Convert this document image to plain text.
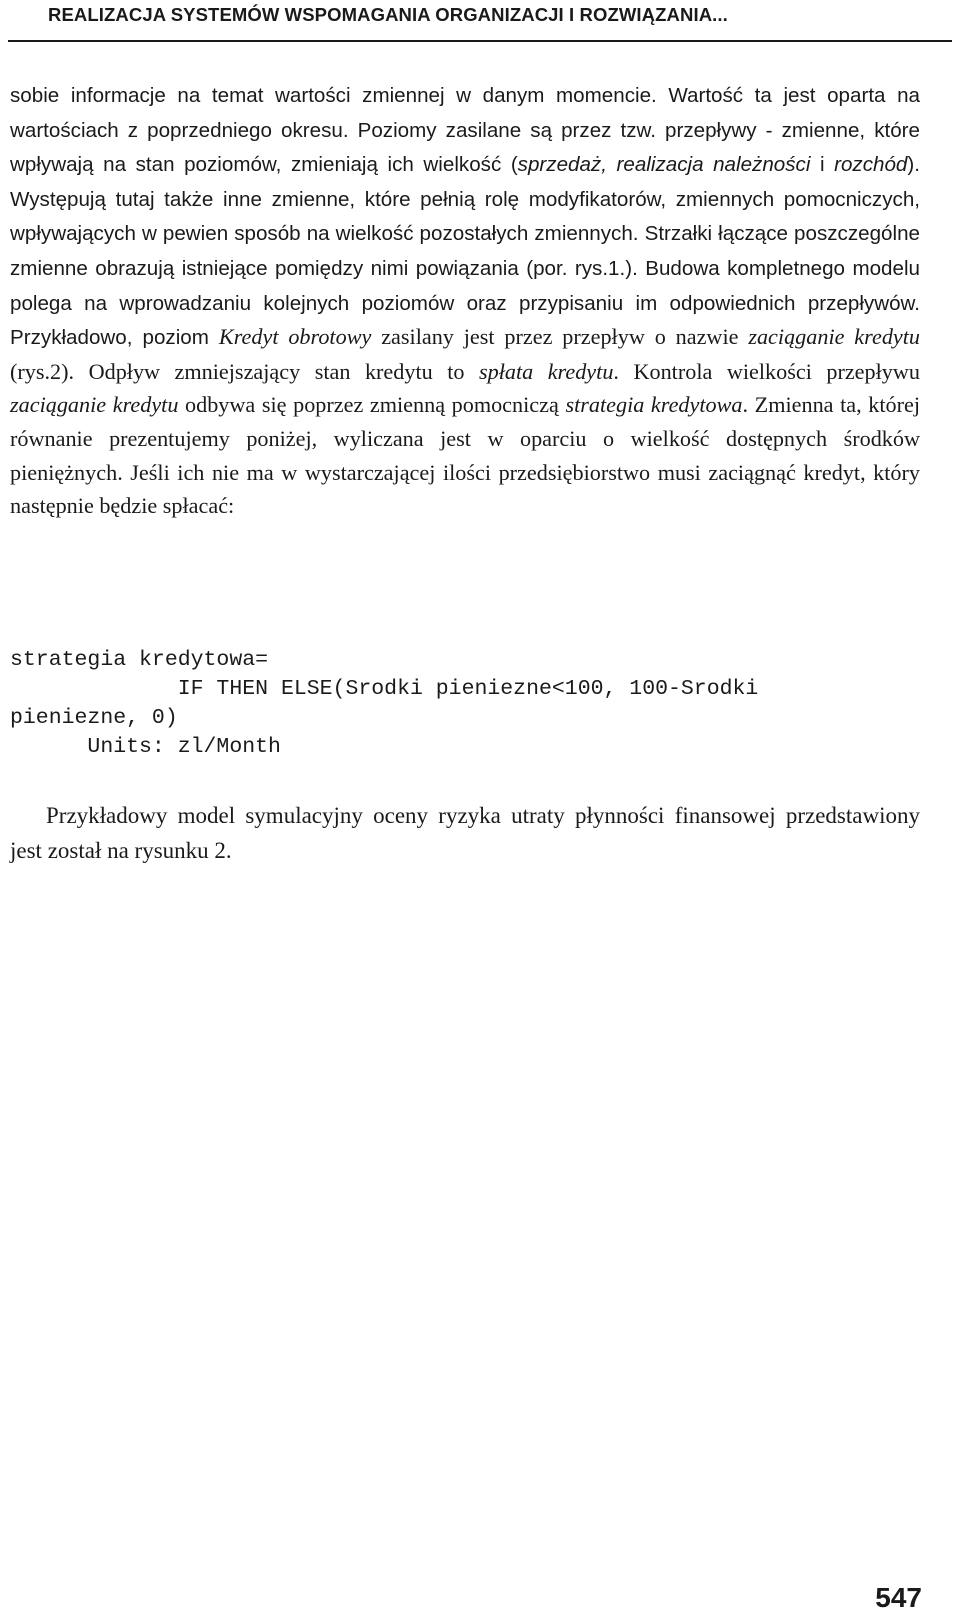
REALIZACJA SYSTEMÓW WSPOMAGANIA ORGANIZACJI I ROZWIĄZANIA...
sobie informacje na temat wartości zmiennej w danym momencie. Wartość ta jest oparta na wartościach z poprzedniego okresu. Poziomy zasilane są przez tzw. przepływy - zmienne, które wpływają na stan poziomów, zmieniają ich wielkość (sprzedaż, realizacja należności i rozchód). Występują tutaj także inne zmienne, które pełnią rolę modyfikatorów, zmiennych pomocniczych, wpływających w pewien sposób na wielkość pozostałych zmiennych. Strzałki łączące poszczególne zmienne obrazują istniejące pomiędzy nimi powiązania (por. rys.1.). Budowa kompletnego modelu polega na wprowadzaniu kolejnych poziomów oraz przypisaniu im odpowiednich przepływów. Przykładowo, poziom Kredyt obrotowy zasilany jest przez przepływ o nazwie zaciąganie kredytu (rys.2). Odpływ zmniejszający stan kredytu to spłata kredytu. Kontrola wielkości przepływu zaciąganie kredytu odbywa się poprzez zmienną pomocniczą strategia kredytowa. Zmienna ta, której równanie prezentujemy poniżej, wyliczana jest w oparciu o wielkość dostępnych środków pieniężnych. Jeśli ich nie ma w wystarczającej ilości przedsiębiorstwo musi zaciągnąć kredyt, który następnie będzie spłacać:
strategia kredytowa=
IF THEN ELSE(Srodki pieniezne<100, 100-Srodki
pieniezne, 0)
Units: zl/Month
Przykładowy model symulacyjny oceny ryzyka utraty płynności finansowej przedstawiony jest został na rysunku 2.
547
